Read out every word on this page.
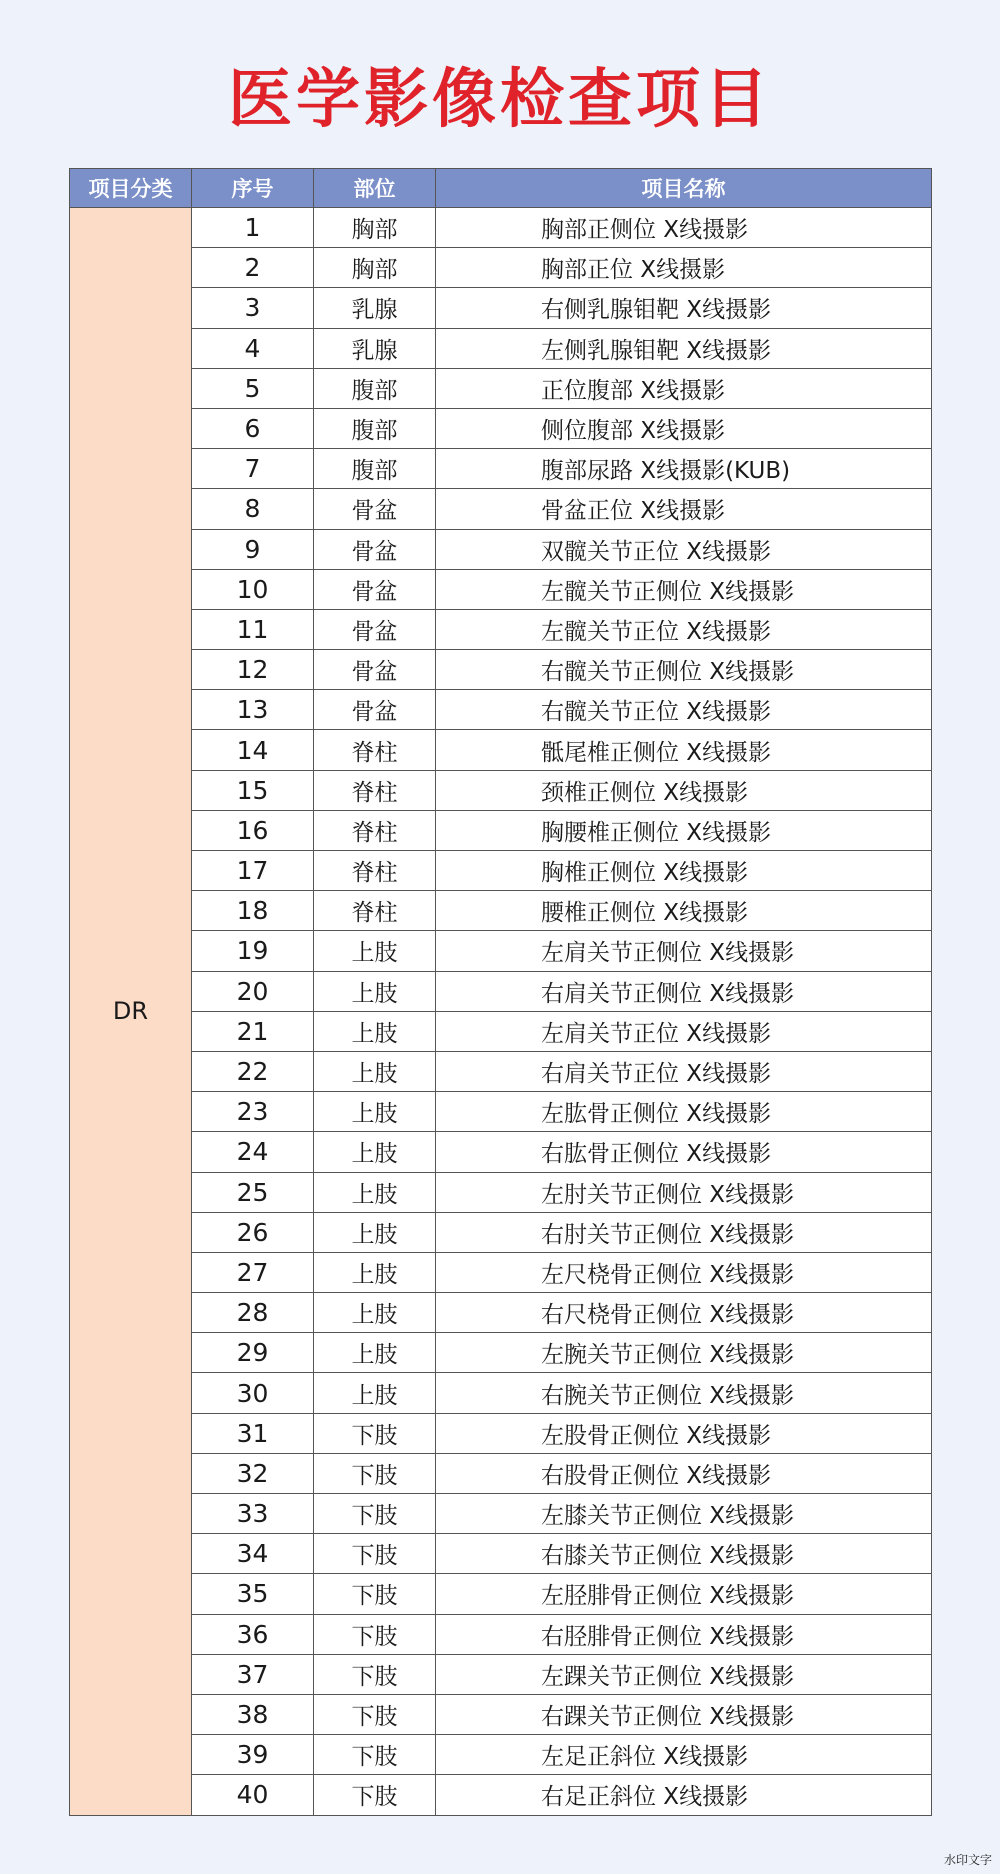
医学影像检查项目
项目分类	序号	部位	项目名称
DR	1	胸部	胸部正侧位 X线摄影
	2	胸部	胸部正位 X线摄影
	3	乳腺	右侧乳腺钼靶 X线摄影
	4	乳腺	左侧乳腺钼靶 X线摄影
	5	腹部	正位腹部 X线摄影
	6	腹部	侧位腹部 X线摄影
	7	腹部	腹部尿路 X线摄影(KUB)
	8	骨盆	骨盆正位 X线摄影
	9	骨盆	双髋关节正位 X线摄影
	10	骨盆	左髋关节正侧位 X线摄影
	11	骨盆	左髋关节正位 X线摄影
	12	骨盆	右髋关节正侧位 X线摄影
	13	骨盆	右髋关节正位 X线摄影
	14	脊柱	骶尾椎正侧位 X线摄影
	15	脊柱	颈椎正侧位 X线摄影
	16	脊柱	胸腰椎正侧位 X线摄影
	17	脊柱	胸椎正侧位 X线摄影
	18	脊柱	腰椎正侧位 X线摄影
	19	上肢	左肩关节正侧位 X线摄影
	20	上肢	右肩关节正侧位 X线摄影
	21	上肢	左肩关节正位 X线摄影
	22	上肢	右肩关节正位 X线摄影
	23	上肢	左肱骨正侧位 X线摄影
	24	上肢	右肱骨正侧位 X线摄影
	25	上肢	左肘关节正侧位 X线摄影
	26	上肢	右肘关节正侧位 X线摄影
	27	上肢	左尺桡骨正侧位 X线摄影
	28	上肢	右尺桡骨正侧位 X线摄影
	29	上肢	左腕关节正侧位 X线摄影
	30	上肢	右腕关节正侧位 X线摄影
	31	下肢	左股骨正侧位 X线摄影
	32	下肢	右股骨正侧位 X线摄影
	33	下肢	左膝关节正侧位 X线摄影
	34	下肢	右膝关节正侧位 X线摄影
	35	下肢	左胫腓骨正侧位 X线摄影
	36	下肢	右胫腓骨正侧位 X线摄影
	37	下肢	左踝关节正侧位 X线摄影
	38	下肢	右踝关节正侧位 X线摄影
	39	下肢	左足正斜位 X线摄影
	40	下肢	右足正斜位 X线摄影
水印文字
